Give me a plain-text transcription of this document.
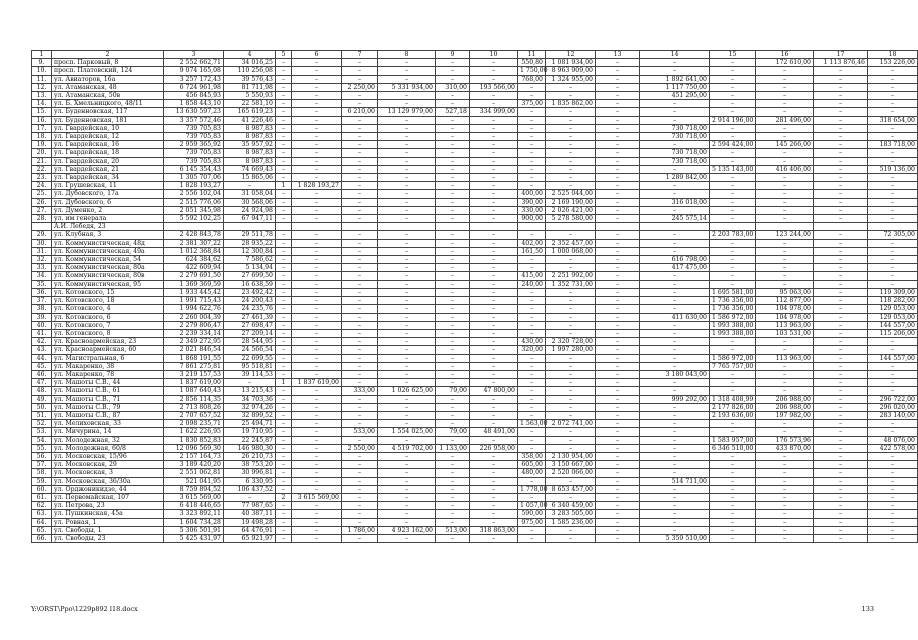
1	2	3	4	5	6	7	8	9	10	11	12	13	14	15	16	17	18
9.	просп. Парковый, 8	2 552 662,71	34 016,25	–	–	–	–	–	–	550,80	1 081 934,00	–	–	–	172 610,00	1 113 876,46	153 226,00
10.	просп. Платовский, 124	9 074 165,08	110 256,08	–	–	–	–	–	–	1 750,00	8 963 909,00	–	–	–	–	–	–
11.	ул. Авиаторов, 16а	3 257 172,43	39 576,43	–	–	–	–	–	–	768,00	1 324 955,00	–	1 892 641,00	–	–	–	–
12.	ул. Атаманская, 48	6 724 961,98	81 711,98	–	–	2 250,00	5 331 934,00	310,00	193 566,00	–	–	–	1 117 750,00	–	–	–	–
13.	ул. Атаманская, 50в	456 845,93	5 550,93	–	–	–	–	–	–	–	–	–	451 295,00	–	–	–	–
14.	ул. Б. Хмельницкого, 48/11	1 858 443,10	22 581,10	–	–	–	–	–	–	375,00	1 835 862,00	–	–	–	–	–	–
15.	ул. Буденновская, 117	13 630 597,23	165 619,23	–	–	6 210,00	13 129 979,00	527,18	334 999,00	–	–	–	–	–	–	–	–
16.	ул. Буденновская, 181	3 357 572,46	41 226,46	–	–	–	–	–	–	–	–	–	–	2 914 196,00	281 496,00	–	318 654,00
17.	ул. Гвардейская, 10	739 705,83	8 987,83	–	–	–	–	–	–	–	–	–	730 718,00	–	–	–	–
18.	ул. Гвардейская, 12	739 705,83	8 987,83	–	–	–	–	–	–	–	–	–	730 718,00	–	–	–	–
19.	ул. Гвардейская, 16	2 959 365,92	35 957,92	–	–	–	–	–	–	–	–	–	–	2 594 424,00	145 266,00	–	183 718,00
20.	ул. Гвардейская, 18	739 705,83	8 987,83	–	–	–	–	–	–	–	–	–	730 718,00	–	–	–	–
21.	ул. Гвардейская, 20	739 705,83	8 987,83	–	–	–	–	–	–	–	–	–	730 718,00	–	–	–	–
22.	ул. Гвардейская, 21	6 145 354,43	74 669,43	–	–	–	–	–	–	–	–	–	–	5 135 143,00	416 406,00	–	519 136,00
23.	ул. Гвардейская, 34	1 305 707,06	15 865,06	–	–	–	–	–	–	–	–	–	1 289 842,00	–	–	–	–
24.	ул. Грушевская, 11	1 828 193,27	–	1	1 828 193,27	–	–	–	–	–	–	–	–	–	–	–	–
25.	ул. Дубовского, 17а	2 556 102,04	31 058,04	–	–	–	–	–	–	400,00	2 525 044,00	–	–	–	–	–	–
26.	ул. Дубовского, 6	2 515 776,06	30 568,06	–	–	–	–	–	–	390,00	2 169 190,00	–	316 018,00	–	–	–	–
27.	ул. Думенко, 2	2 051 345,98	24 924,98	–	–	–	–	–	–	330,00	2 026 421,00	–	–	–	–	–	–
28.	ул. им генерала	5 592 102,25	67 947,11	–	–	–	–	–	–	900,00	5 278 580,00	–	245 575,14	–	–	–	–
	А.И. Лебедя, 23																
29.	ул. Клубная, 3	2 428 843,78	29 511,78	–	–	–	–	–	–	–	–	–	–	2 203 783,00	123 244,00	–	72 305,00
30.	ул. Коммунистическая, 48д	2 381 307,22	28 935,22	–	–	–	–	–	–	402,00	2 352 457,00	–	–	–	–	–	–
31.	ул. Коммунистическая, 49а	1 012 368,84	12 300,84	–	–	–	–	–	–	161,50	1 000 068,00	–	–	–	–	–	–
32.	ул. Коммунистическая, 54	624 384,62	7 586,62	–	–	–	–	–	–	–	–	–	616 798,00	–	–	–	–
33.	ул. Коммунистическая, 80а	422 609,94	5 134,94	–	–	–	–	–	–	–	–	–	417 475,00	–	–	–	–
34.	ул. Коммунистическая, 80в	2 279 691,50	27 699,50	–	–	–	–	–	–	415,00	2 251 992,00	–	–	–	–	–	–
35.	ул. Коммунистическая, 95	1 369 369,59	16 638,59	–	–	–	–	–	–	240,00	1 352 731,00	–	–	–	–	–	–
36.	ул. Котовского, 15	1 933 445,42	23 492,42	–	–	–	–	–	–	–	–	–	–	1 695 581,00	95 063,00	–	119 309,00
37.	ул. Котовского, 18	1 991 715,43	24 200,43	–	–	–	–	–	–	–	–	–	–	1 736 356,00	112 877,00	–	118 282,00
38.	ул. Котовского, 4	1 994 622,76	24 235,76	–	–	–	–	–	–	–	–	–	–	1 736 356,00	104 978,00	–	129 053,00
39.	ул. Котовского, 6	2 260 004,39	27 461,39	–	–	–	–	–	–	–	–	–	411 630,00	1 586 972,00	104 978,00	–	129 053,00
40.	ул. Котовского, 7	2 279 806,47	27 698,47	–	–	–	–	–	–	–	–	–	–	1 993 388,00	113 963,00	–	144 557,00
41.	ул. Котовского, 8	2 239 334,14	27 209,14	–	–	–	–	–	–	–	–	–	–	1 993 388,00	103 531,00	–	115 206,00
42.	ул. Красноармейская, 23	2 349 272,95	28 544,95	–	–	–	–	–	–	430,00	2 320 728,00	–	–	–	–	–	–
43.	ул. Красноармейская, 60	2 021 846,54	24 566,54	–	–	–	–	–	–	320,00	1 997 280,00	–	–	–	–	–	–
44.	ул. Магистральная, 6	1 868 191,55	22 699,55	–	–	–	–	–	–	–	–	–	–	1 586 972,00	113 963,00	–	144 557,00
45.	ул. Макаренко, 38	7 861 275,81	95 518,81	–	–	–	–	–	–	–	–	–	–	7 765 757,00	–	–	–
46.	ул. Макаренко, 78	3 219 157,53	39 114,53	–	–	–	–	–	–	–	–	–	3 180 043,00	–	–	–	–
47.	ул. Машоты С.В., 44	1 837 619,00	–	1	1 837 619,00	–	–	–	–	–	–	–	–	–	–	–	–
48.	ул. Машоты С.В., 61	1 087 640,43	13 215,43	–	–	333,00	1 026 625,00	79,00	47 800,00	–	–	–	–	–	–	–	–
49.	ул. Машоты С.В., 71	2 856 114,35	34 703,36	–	–	–	–	–	–	–	–	–	999 292,00	1 318 408,99	206 988,00	–	296 722,00
50.	ул. Машоты С.В., 79	2 713 808,26	32 974,26	–	–	–	–	–	–	–	–	–	–	2 177 826,00	206 988,00	–	296 020,00
51.	ул. Машоты С.В., 87	2 707 657,52	32 899,52	–	–	–	–	–	–	–	–	–	–	2 193 636,00	197 982,00	–	283 140,00
52.	ул. Мелиховская, 33	2 098 235,71	25 494,71	–	–	–	–	–	–	1 563,00	2 072 741,00	–	–	–	–	–	–
53.	ул. Мичурина, 14	1 622 226,95	19 710,95	–	–	533,00	1 554 025,00	79,00	48 491,00	–	–	–	–	–	–	–	–
54.	ул. Молодежная, 32	1 830 852,83	22 245,87	–	–	–	–	–	–	–	–	–	–	1 583 957,00	176 573,96	–	48 076,00
55.	ул. Молодежная, 60/8	12 096 569,30	146 980,30	–	–	2 550,00	4 519 702,00	1 133,00	226 958,00	–	–	–	–	6 346 510,00	433 870,00	–	422 578,00
56.	ул. Московская, 15/96	2 157 164,73	26 210,73	–	–	–	–	–	–	358,00	2 130 954,00	–	–	–	–	–	–
57.	ул. Московская, 29	3 189 420,20	38 753,20	–	–	–	–	–	–	605,00	3 150 667,00	–	–	–	–	–	–
58.	ул. Московская, 3	2 551 062,81	30 996,81	–	–	–	–	–	–	480,00	2 520 066,00	–	–	–	–	–	–
59.	ул. Московская, 36/30а	521 041,95	6 330,95	–	–	–	–	–	–	–	–	–	514 711,00	–	–	–	–
60.	ул. Орджоникидзе, 44	8 759 894,52	106 437,52	–	–	–	–	–	–	1 778,00	8 653 457,00	–	–	–	–	–	–
61.	ул. Первомайская, 107	3 615 569,00	–	2	3 615 569,00	–	–	–	–	–	–	–	–	–	–	–	–
62.	ул. Петрова, 23	6 418 446,65	77 987,65	–	–	–	–	–	–	1 057,00	6 340 459,00	–	–	–	–	–	–
63.	ул. Пушкинская, 45а	3 323 892,11	40 387,11	–	–	–	–	–	–	590,00	3 283 505,00	–	–	–	–	–	–
64.	ул. Ровная, 1	1 604 734,28	19 498,28	–	–	–	–	–	–	975,00	1 585 236,00	–	–	–	–	–	–
65.	ул. Свободы, 1	5 306 501,91	64 476,91	–	–	1 786,00	4 923 162,00	513,00	318 863,00	–	–	–	–	–	–	–	–
66.	ул. Свободы, 23	5 425 431,97	65 921,97	–	–	–	–	–	–	–	–	–	5 359 510,00	–	–	–	–
Y:\ORST\Ppo\1229p892 l18.docx	133
